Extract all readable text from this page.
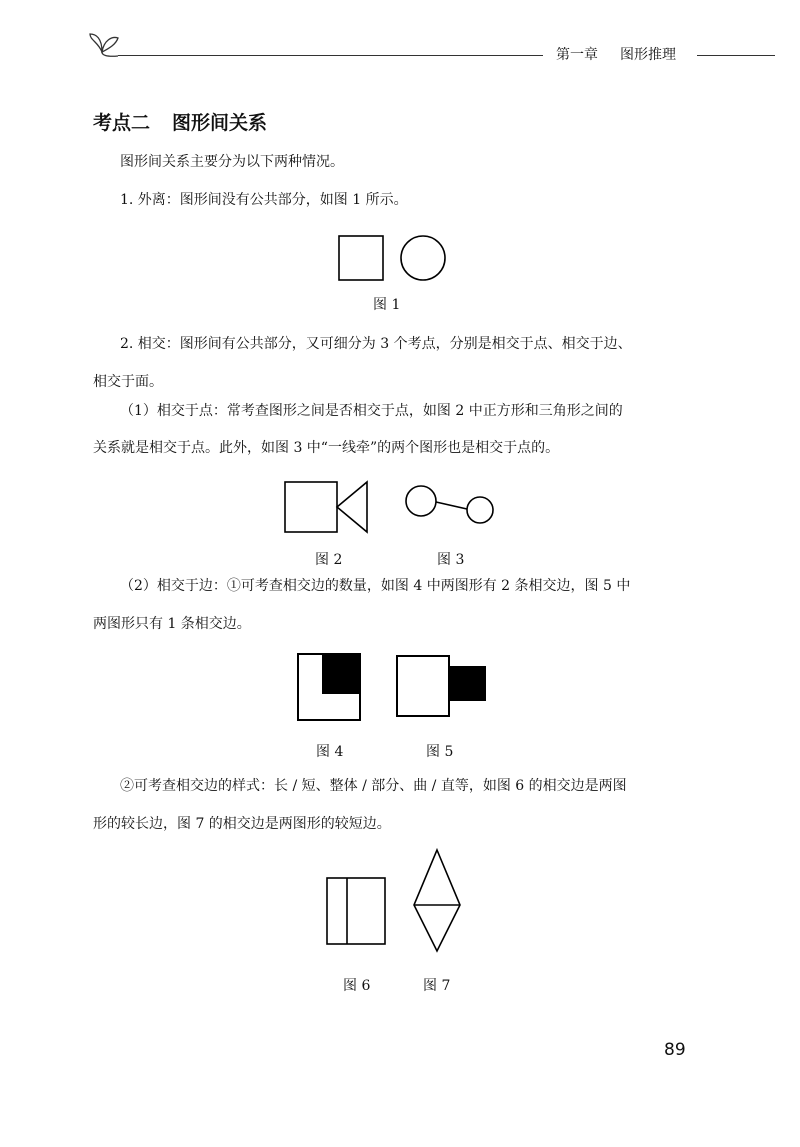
第一章 图形推理
考点二 图形间关系
图形间关系主要分为以下两种情况。
1. 外离：图形间没有公共部分，如图 1 所示。
图 1
2. 相交：图形间有公共部分，又可细分为 3 个考点，分别是相交于点、相交于边、
相交于面。
（1）相交于点：常考查图形之间是否相交于点，如图 2 中正方形和三角形之间的
关系就是相交于点。此外，如图 3 中“一线牵”的两个图形也是相交于点的。
图 2	图 3
（2）相交于边：①可考查相交边的数量，如图 4 中两图形有 2 条相交边，图 5 中
两图形只有 1 条相交边。
图 4	图 5
②可考查相交边的样式：长 / 短、整体 / 部分、曲 / 直等，如图 6 的相交边是两图
形的较长边，图 7 的相交边是两图形的较短边。
图 6	图 7
89
